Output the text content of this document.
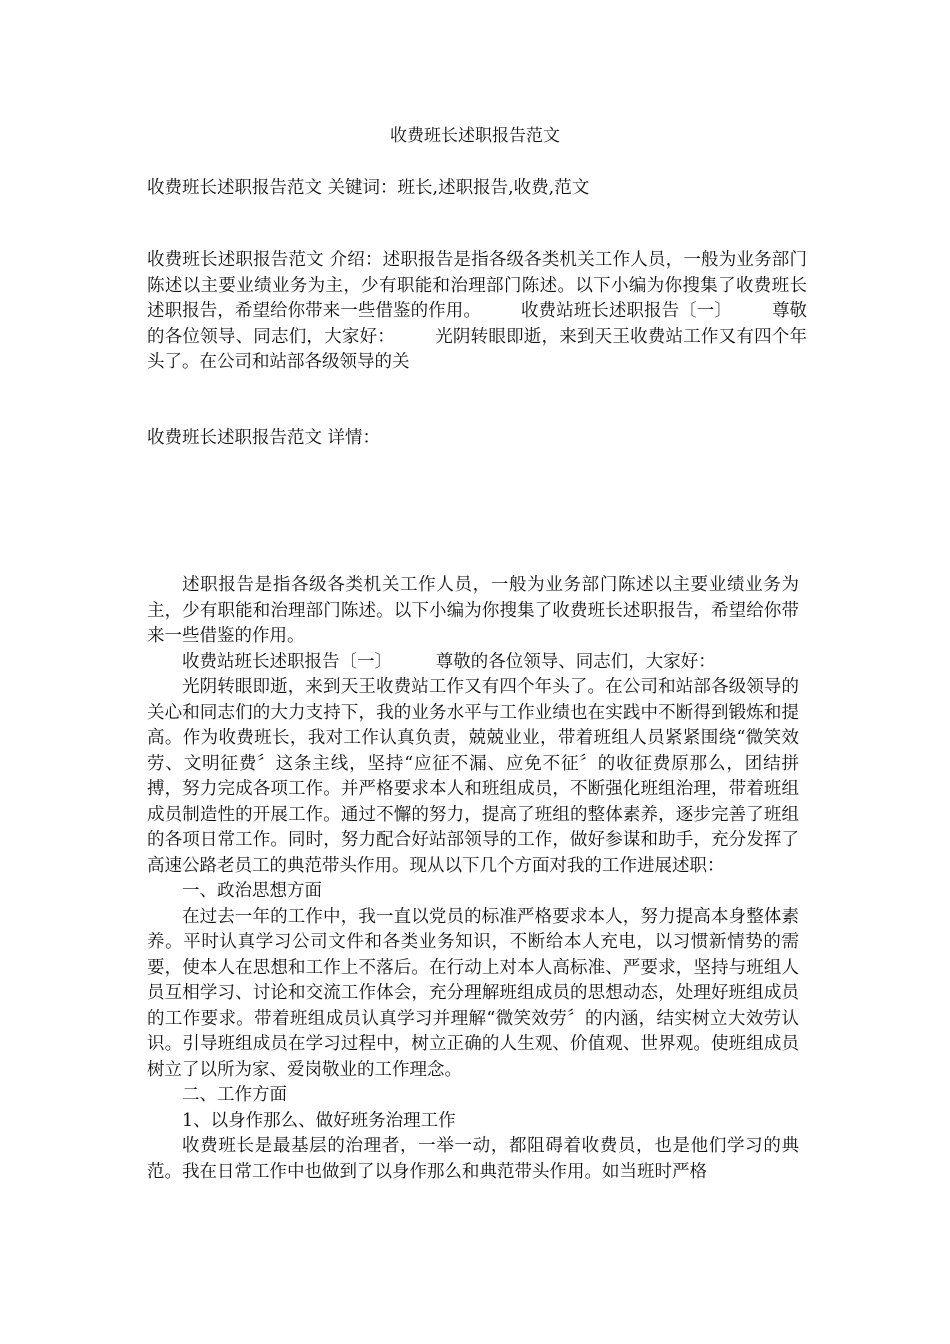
收费班长述职报告范文

收费班长述职报告范文 关键词：班长,述职报告,收费,范文

收费班长述职报告范文 介绍：述职报告是指各级各类机关工作人员，一般为业务部门陈述以主要业绩业务为主，少有职能和治理部门陈述。以下小编为你搜集了收费班长述职报告，希望给你带来一些借鉴的作用。 收费站班长述职报告〔一〕 尊敬的各位领导、同志们，大家好： 光阴转眼即逝，来到天王收费站工作又有四个年头了。在公司和站部各级领导的关

收费班长述职报告范文 详情：

述职报告是指各级各类机关工作人员，一般为业务部门陈述以主要业绩业务为主，少有职能和治理部门陈述。以下小编为你搜集了收费班长述职报告，希望给你带来一些借鉴的作用。

收费站班长述职报告〔一〕　　　尊敬的各位领导、同志们，大家好：

光阴转眼即逝，来到天王收费站工作又有四个年头了。在公司和站部各级领导的关心和同志们的大力支持下，我的业务水平与工作业绩也在实践中不断得到锻炼和提高。作为收费班长，我对工作认真负责，兢兢业业，带着班组人员紧紧围绕“微笑效劳、文明征费〞这条主线，坚持“应征不漏、应免不征〞的收征费原那么，团结拼搏，努力完成各项工作。并严格要求本人和班组成员，不断强化班组治理，带着班组成员制造性的开展工作。通过不懈的努力，提高了班组的整体素养，逐步完善了班组的各项日常工作。同时，努力配合好站部领导的工作，做好参谋和助手，充分发挥了高速公路老员工的典范带头作用。现从以下几个方面对我的工作进展述职：

一、政治思想方面

在过去一年的工作中，我一直以党员的标准严格要求本人，努力提高本身整体素养。平时认真学习公司文件和各类业务知识，不断给本人充电，以习惯新情势的需要，使本人在思想和工作上不落后。在行动上对本人高标准、严要求，坚持与班组人员互相学习、讨论和交流工作体会，充分理解班组成员的思想动态，处理好班组成员的工作要求。带着班组成员认真学习并理解“微笑效劳〞的内涵，结实树立大效劳认识。引导班组成员在学习过程中，树立正确的人生观、价值观、世界观。使班组成员树立了以所为家、爱岗敬业的工作理念。

二、工作方面

1、以身作那么、做好班务治理工作

收费班长是最基层的治理者，一举一动，都阻碍着收费员，也是他们学习的典范。我在日常工作中也做到了以身作那么和典范带头作用。如当班时严格
